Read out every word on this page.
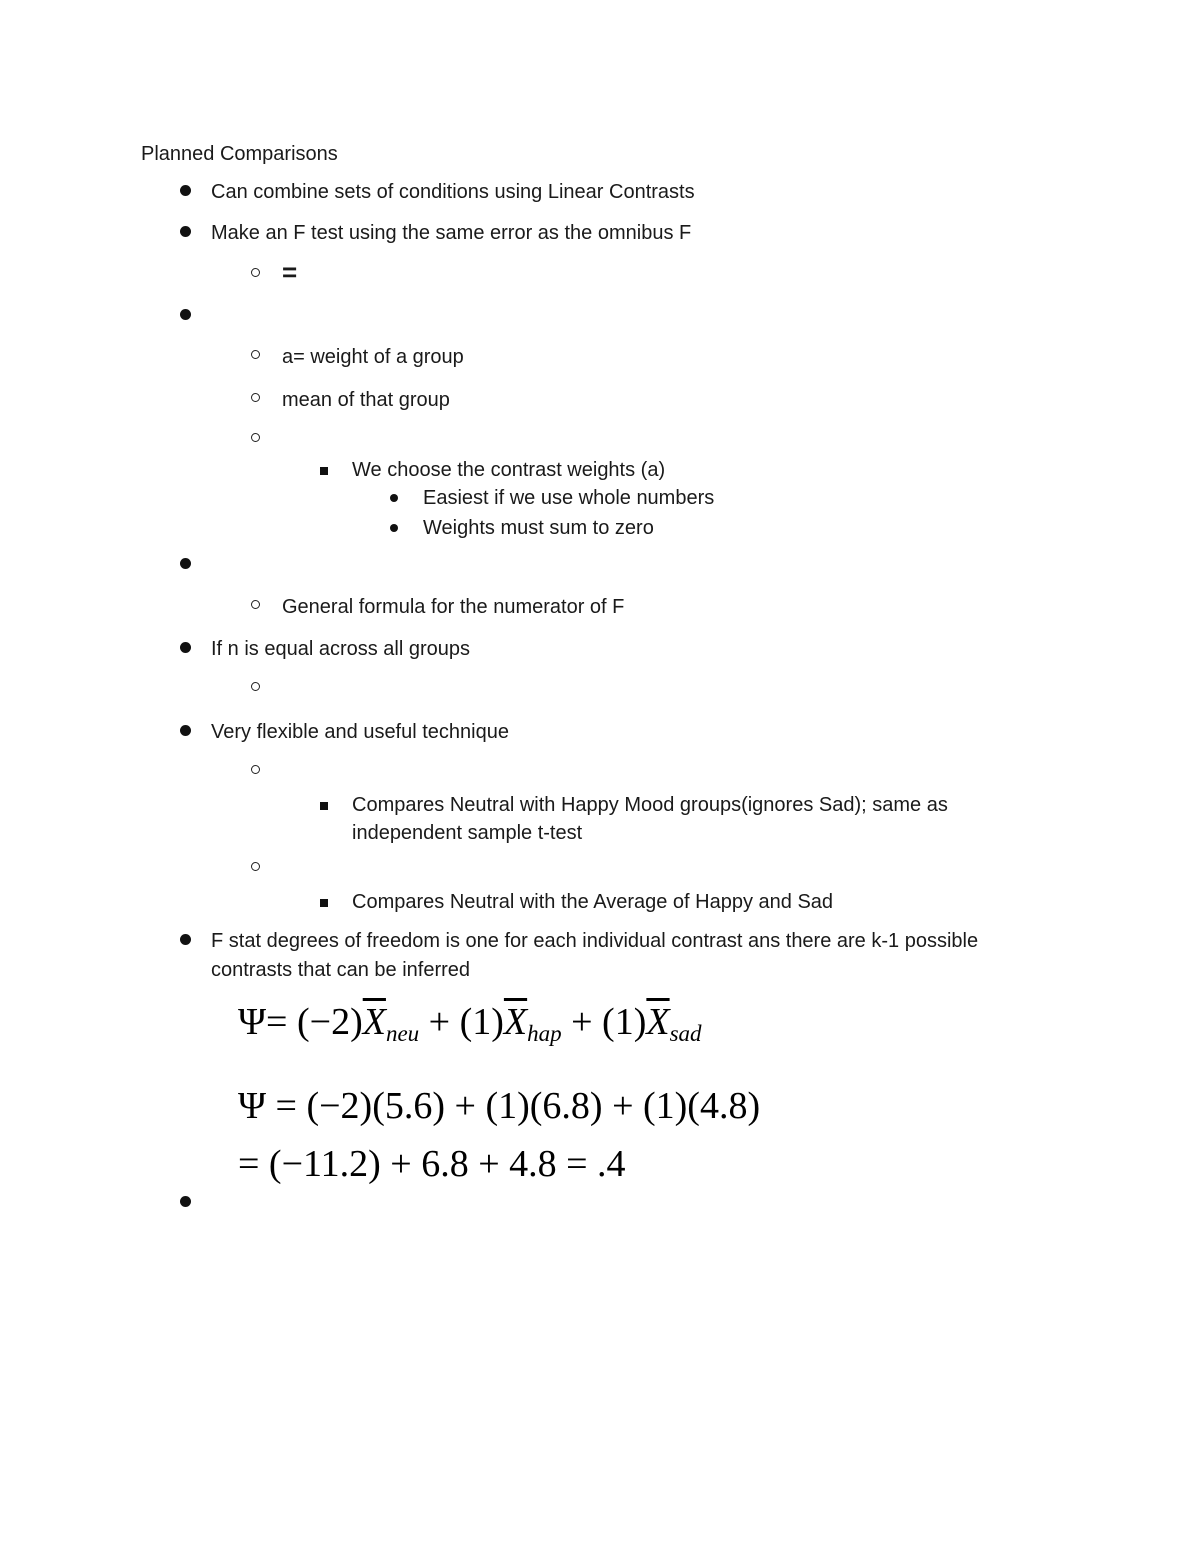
Planned Comparisons
Can combine sets of conditions using Linear Contrasts
Make an F test using the same error as the omnibus F
=
a= weight of a group
mean of that group
We choose the contrast weights (a)
Easiest if we use whole numbers
Weights must sum to zero
General formula for the numerator of F
If n is equal across all groups
Very flexible and useful technique
Compares Neutral with Happy Mood groups(ignores Sad); same as
independent sample t-test
Compares Neutral with the Average of Happy and Sad
F stat degrees of freedom is one for each individual contrast ans there are k-1 possible
contrasts that can be inferred
$\Psi= (-2)\overline{X}neu + (1)\overline{X}hap + (1)\overline{X}sad$
Ψ = (−2)(5.6) + (1)(6.8) + (1)(4.8)
= (−11.2) + 6.8 + 4.8 = .4
